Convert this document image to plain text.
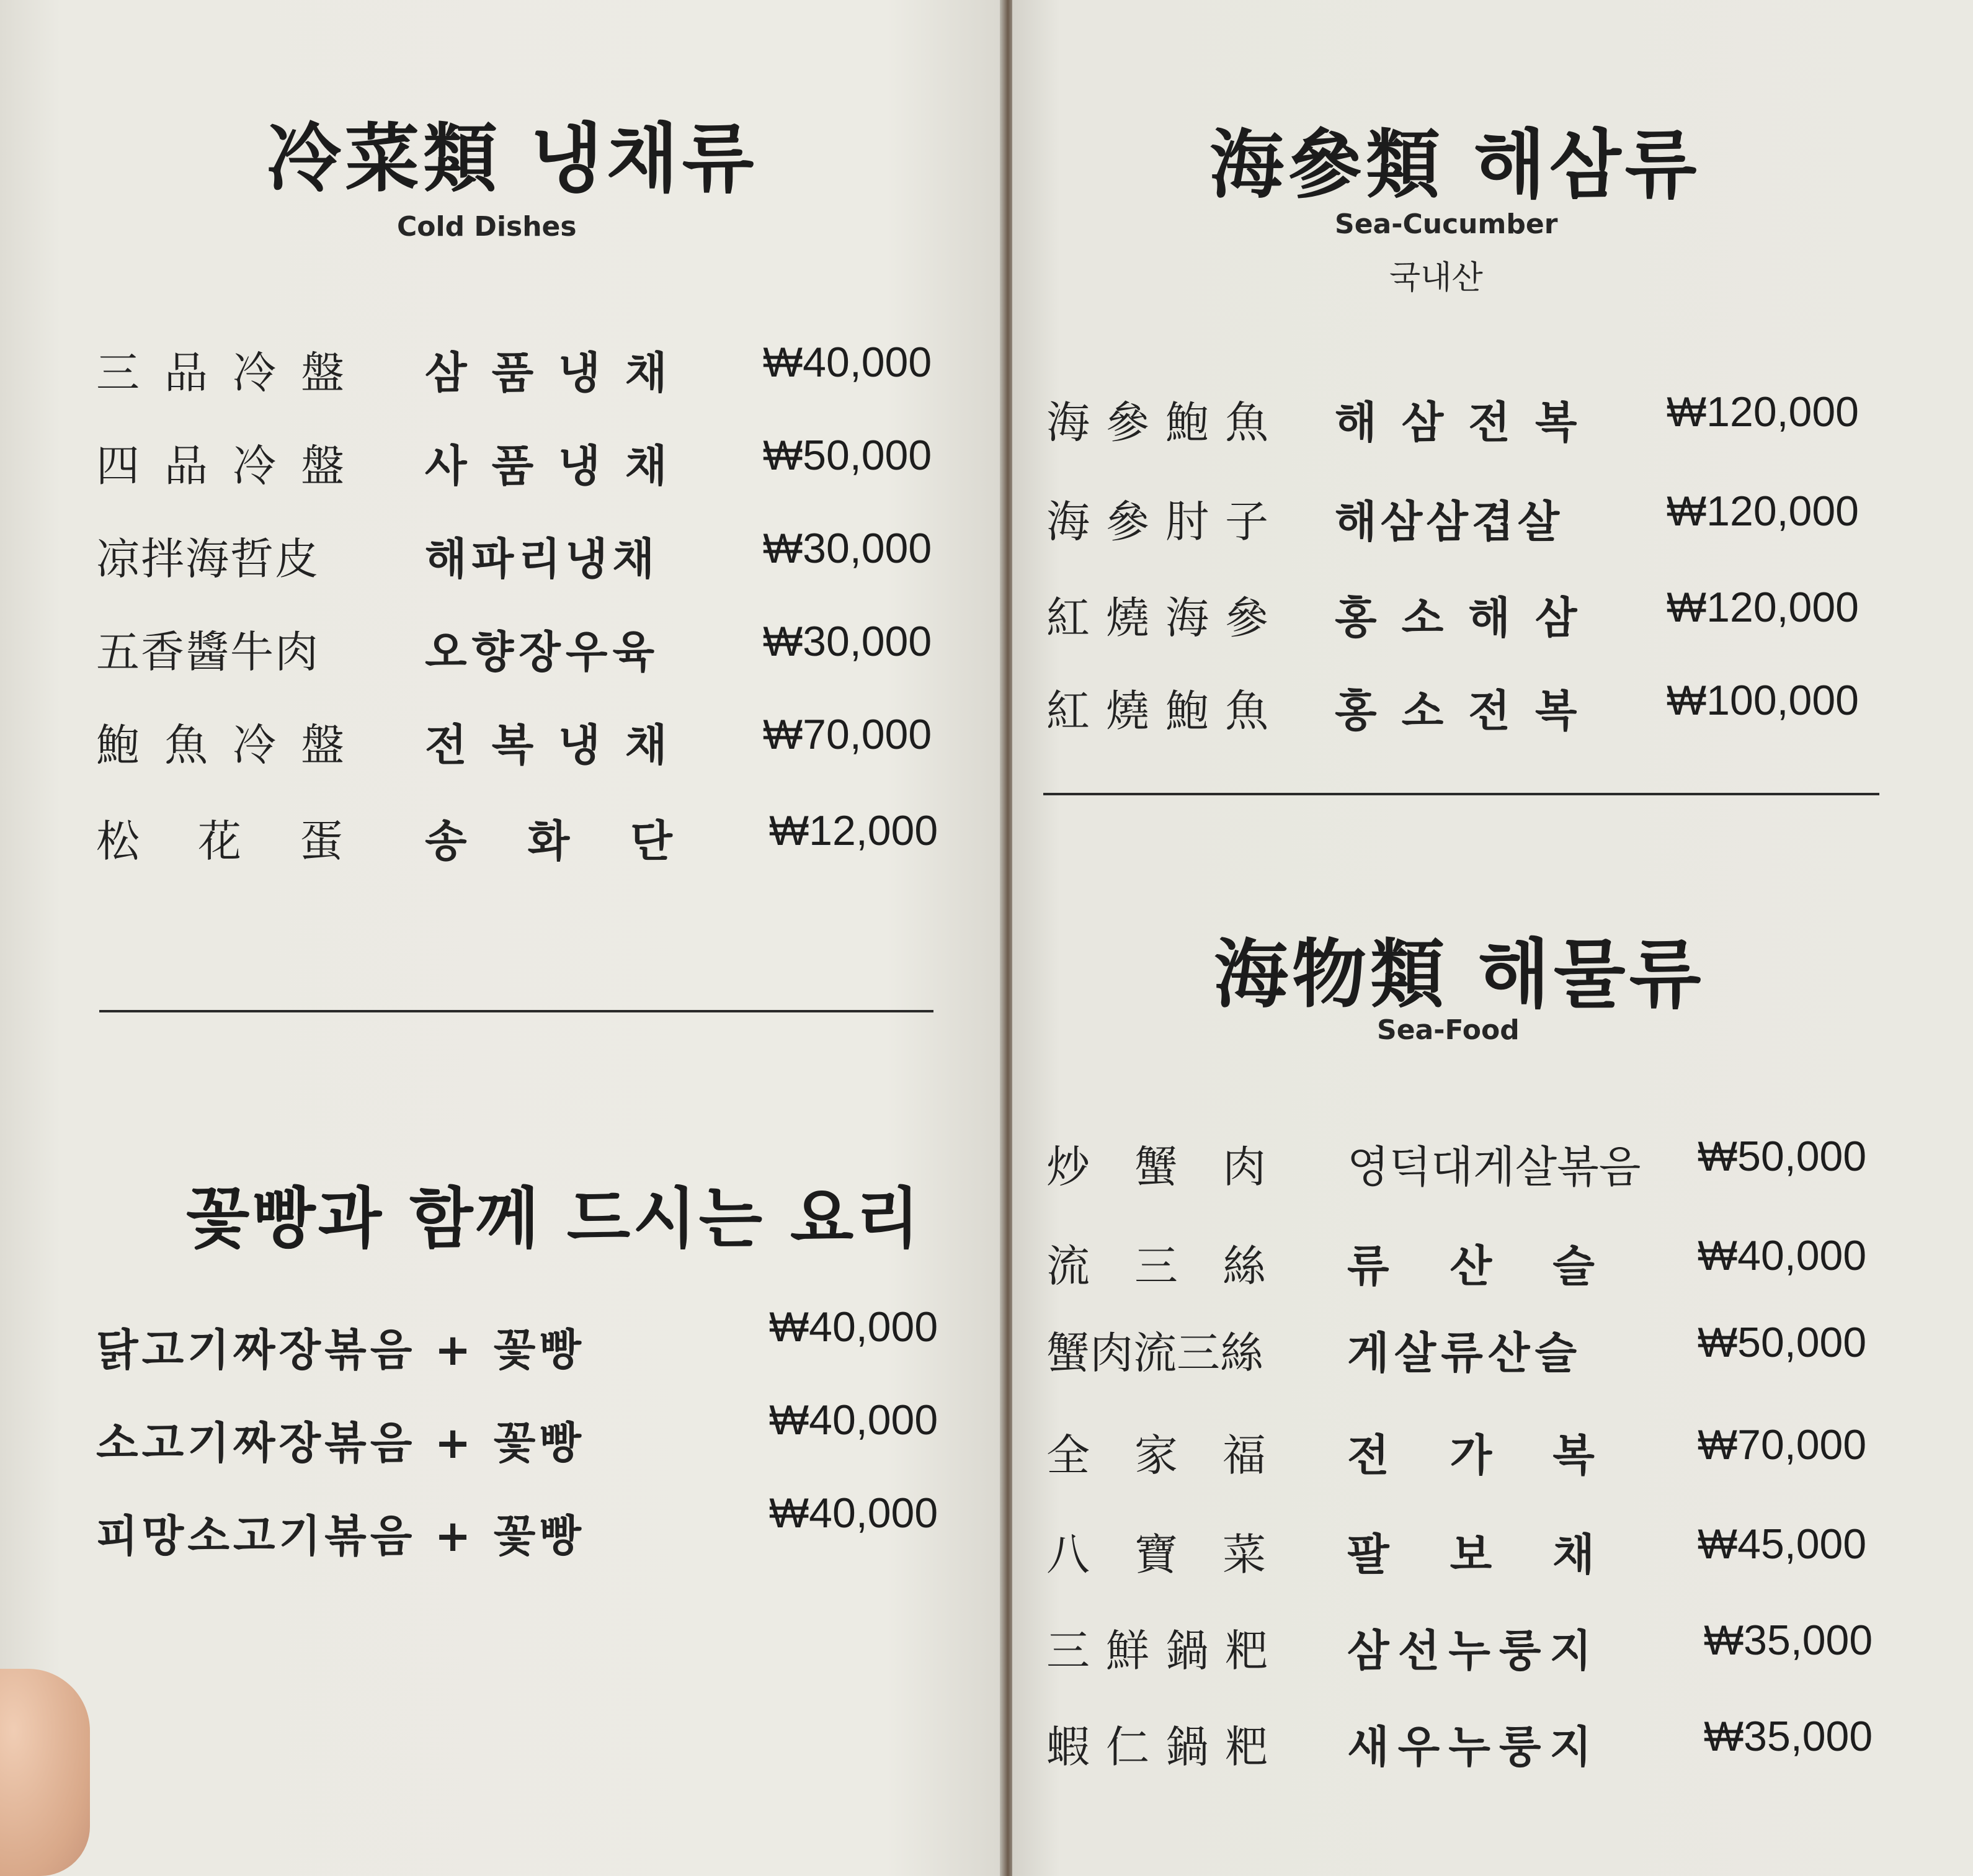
冷菜類 냉채류
Cold Dishes
三品冷盤 삼품냉채 ₩40,000
四品冷盤 사품냉채 ₩50,000
凉拌海哲皮 해파리냉채 ₩30,000
五香醬牛肉 오향장우육 ₩30,000
鮑魚冷盤 전복냉채 ₩70,000
松花蛋 송화단 ₩12,000
꽃빵과 함께 드시는 요리
닭고기짜장볶음 + 꽃빵	₩40,000
소고기짜장볶음 + 꽃빵	₩40,000
피망소고기볶음 + 꽃빵	₩40,000
海參類 해삼류
Sea-Cucumber
국내산
海參鮑魚 해삼전복 ₩120,000
海參肘子 해삼삼겹살 ₩120,000
紅燒海參 홍소해삼 ₩120,000
紅燒鮑魚 홍소전복 ₩100,000
海物類 해물류
Sea-Food
炒蟹肉 영덕대게살볶음 ₩50,000
流三絲 류산슬 ₩40,000
蟹肉流三絲 게살류산슬	₩50,000
全家福 전가복 ₩70,000
八寶菜 팔보채 ₩45,000
三鮮鍋粑 삼선누룽지 ₩35,000
蝦仁鍋粑 새우누룽지 ₩35,000
